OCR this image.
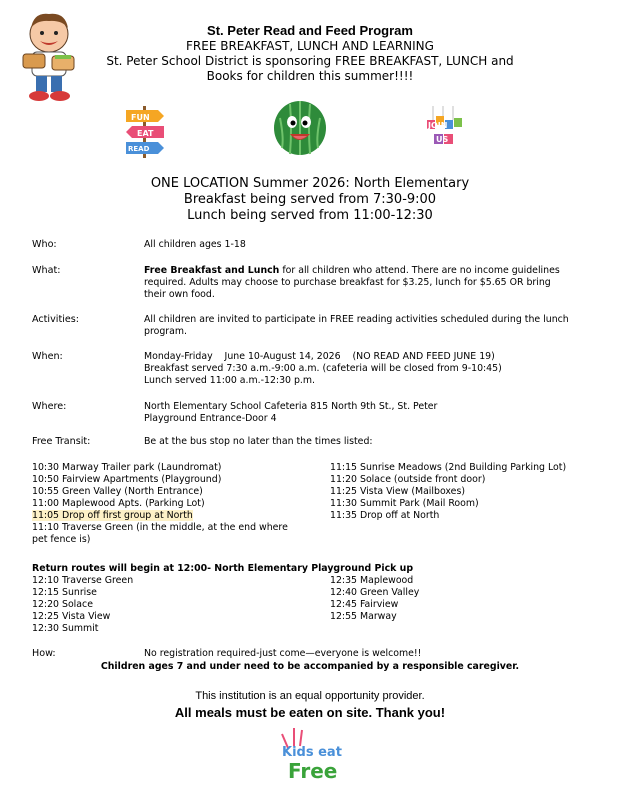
St. Peter Read and Feed Program
FREE BREAKFAST, LUNCH AND LEARNING
St. Peter School District is sponsoring FREE BREAKFAST, LUNCH and
Books for children this summer!!!!
FUN
EAT
READ
JOIN
US
ONE LOCATION Summer 2026: North Elementary
Breakfast being served from 7:30-9:00
Lunch being served from 11:00-12:30
Who:	All children ages 1-18
What:	Free Breakfast and Lunch for all children who attend. There are no income guidelines
required. Adults may choose to purchase breakfast for $3.25, lunch for $5.65 OR bring
their own food.
Activities:	All children are invited to participate in FREE reading activities scheduled during the lunch
program.
When:	Monday-Friday    June 10-August 14, 2026    (NO READ AND FEED JUNE 19)
Breakfast served 7:30 a.m.-9:00 a.m. (cafeteria will be closed from 9-10:45)
Lunch served 11:00 a.m.-12:30 p.m.
Where:	North Elementary School Cafeteria 815 North 9th St., St. Peter
Playground Entrance-Door 4
Free Transit:	Be at the bus stop no later than the times listed:
10:30 Marway Trailer park (Laundromat)
10:50 Fairview Apartments (Playground)
10:55 Green Valley (North Entrance)
11:00 Maplewood Apts. (Parking Lot)
11:05 Drop off first group at North
11:10 Traverse Green (in the middle, at the end where
pet fence is)
11:15 Sunrise Meadows (2nd Building Parking Lot)
11:20 Solace (outside front door)
11:25 Vista View (Mailboxes)
11:30 Summit Park (Mail Room)
11:35 Drop off at North
Return routes will begin at 12:00- North Elementary Playground Pick up
12:10 Traverse Green
12:15 Sunrise
12:20 Solace
12:25 Vista View
12:30 Summit
12:35 Maplewood
12:40 Green Valley
12:45 Fairview
12:55 Marway
How:	No registration required-just come—everyone is welcome!!
Children ages 7 and under need to be accompanied by a responsible caregiver.
This institution is an equal opportunity provider.
All meals must be eaten on site. Thank you!
Kids eat
Free
